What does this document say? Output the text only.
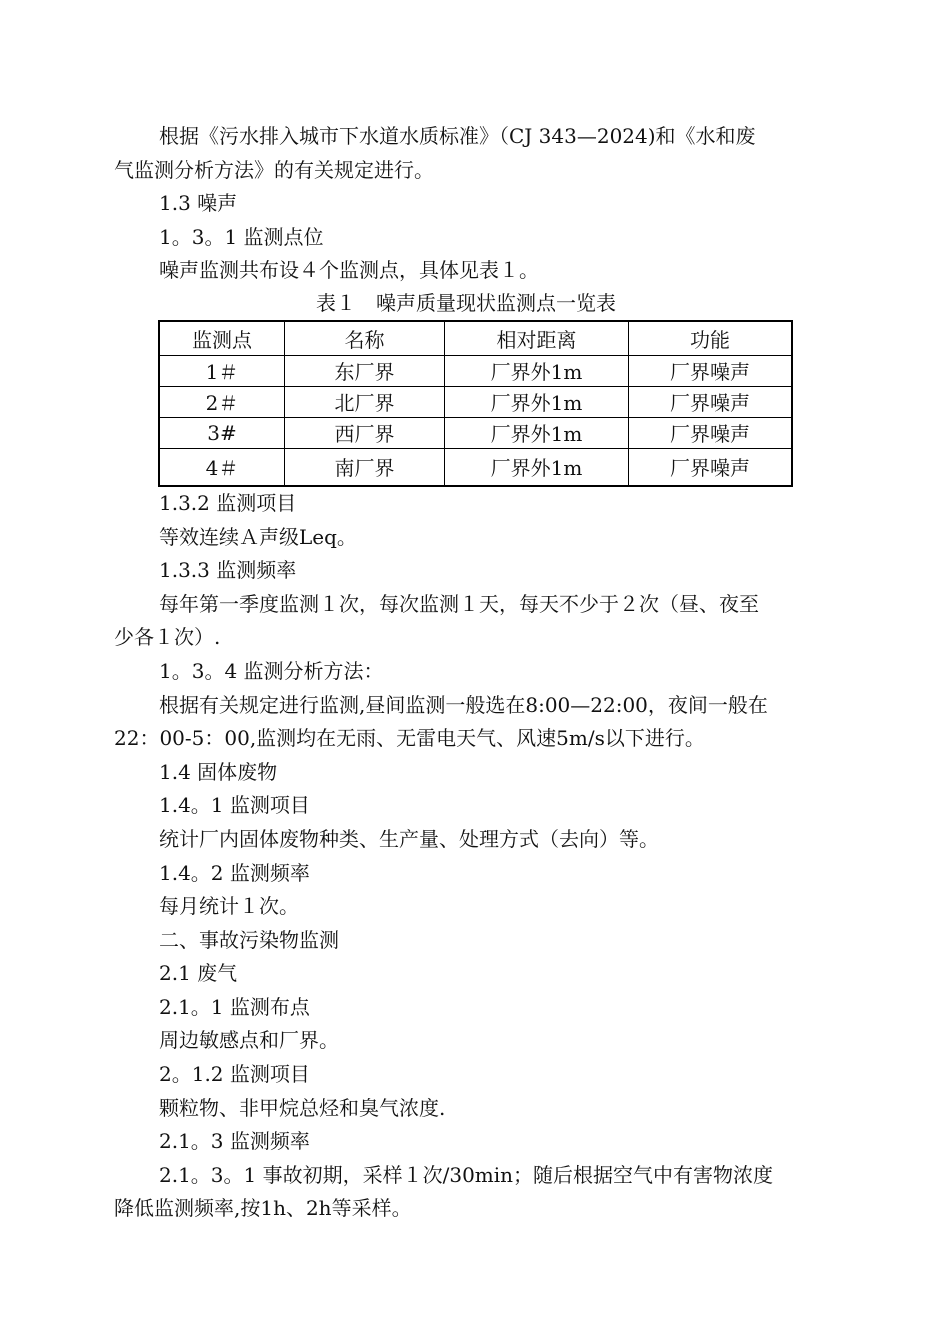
根据《污水排入城市下水道水质标准》（CJ 343—2024)和《水和废
气监测分析方法》的有关规定进行。
1.3 噪声
1。3。1 监测点位
噪声监测共布设４个监测点，具体见表１。
表１　噪声质量现状监测点一览表
监测点	名称	相对距离	功能
1＃	东厂界	厂界外1m	厂界噪声
2＃	北厂界	厂界外1m	厂界噪声
3#	西厂界	厂界外1m	厂界噪声
4＃	南厂界	厂界外1m	厂界噪声
1.3.2 监测项目
等效连续Ａ声级Leq。
1.3.3 监测频率
每年第一季度监测１次，每次监测１天，每天不少于２次（昼、夜至
少各１次）.
1。3。4 监测分析方法：
根据有关规定进行监测,昼间监测一般选在8:00—22:00，夜间一般在
22：00-5：00,监测均在无雨、无雷电天气、风速5m/s以下进行。
1.4 固体废物
1.4。1 监测项目
统计厂内固体废物种类、生产量、处理方式（去向）等。
1.4。2 监测频率
每月统计１次。
二、事故污染物监测
2.1 废气
2.1。1 监测布点
周边敏感点和厂界。
2。1.2 监测项目
颗粒物、非甲烷总烃和臭气浓度.
2.1。3 监测频率
2.1。3。1 事故初期，采样１次/30min；随后根据空气中有害物浓度
降低监测频率,按1h、2h等采样。
